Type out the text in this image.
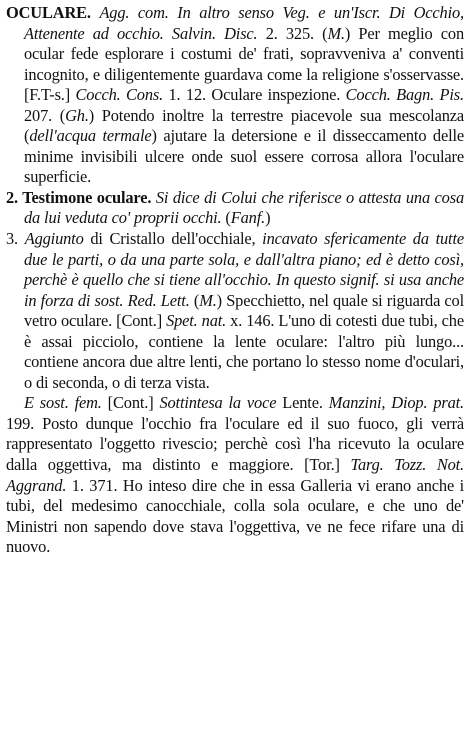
OCULARE. Agg. com. In altro senso Veg. e un'Iscr. Di Occhio, Attenente ad occhio. Salvin. Disc. 2. 325. (M.) Per meglio con ocular fede esplorare i costumi de' frati, sopravveniva a' conventi incognito, e diligentemente guardava come la religione s'osservasse. [F.T-s.] Cocch. Cons. 1. 12. Oculare inspezione. Cocch. Bagn. Pis. 207. (Gh.) Potendo inoltre la terrestre piacevole sua mescolanza (dell'acqua termale) ajutare la detersione e il disseccamento delle minime invisibili ulcere onde suol essere corrosa allora l'oculare superficie.

2. Testimone oculare. Si dice di Colui che riferisce o attesta una cosa da lui veduta co' proprii occhi. (Fanf.)

3. Aggiunto di Cristallo dell'occhiale, incavato sfericamente da tutte due le parti, o da una parte sola, e dall'altra piano; ed è detto così, perchè è quello che si tiene all'occhio. In questo signif. si usa anche in forza di sost. Red. Lett. (M.) Specchietto, nel quale si riguarda col vetro oculare. [Cont.] Spet. nat. x. 146. L'uno di cotesti due tubi, che è assai picciolo, contiene la lente oculare: l'altro più lungo... contiene ancora due altre lenti, che portano lo stesso nome d'oculari, o di seconda, o di terza vista.

E sost. fem. [Cont.] Sottintesa la voce Lente. Manzini, Diop. prat. 199. Posto dunque l'occhio fra l'oculare ed il suo fuoco, gli verrà rappresentato l'oggetto rivescio; perchè così l'ha ricevuto la oculare dalla oggettiva, ma distinto e maggiore. [Tor.] Targ. Tozz. Not. Aggrand. 1. 371. Ho inteso dire che in essa Galleria vi erano anche i tubi, del medesimo canocchiale, colla sola oculare, e che uno de' Ministri non sapendo dove stava l'oggettiva, ve ne fece rifare una di nuovo.
